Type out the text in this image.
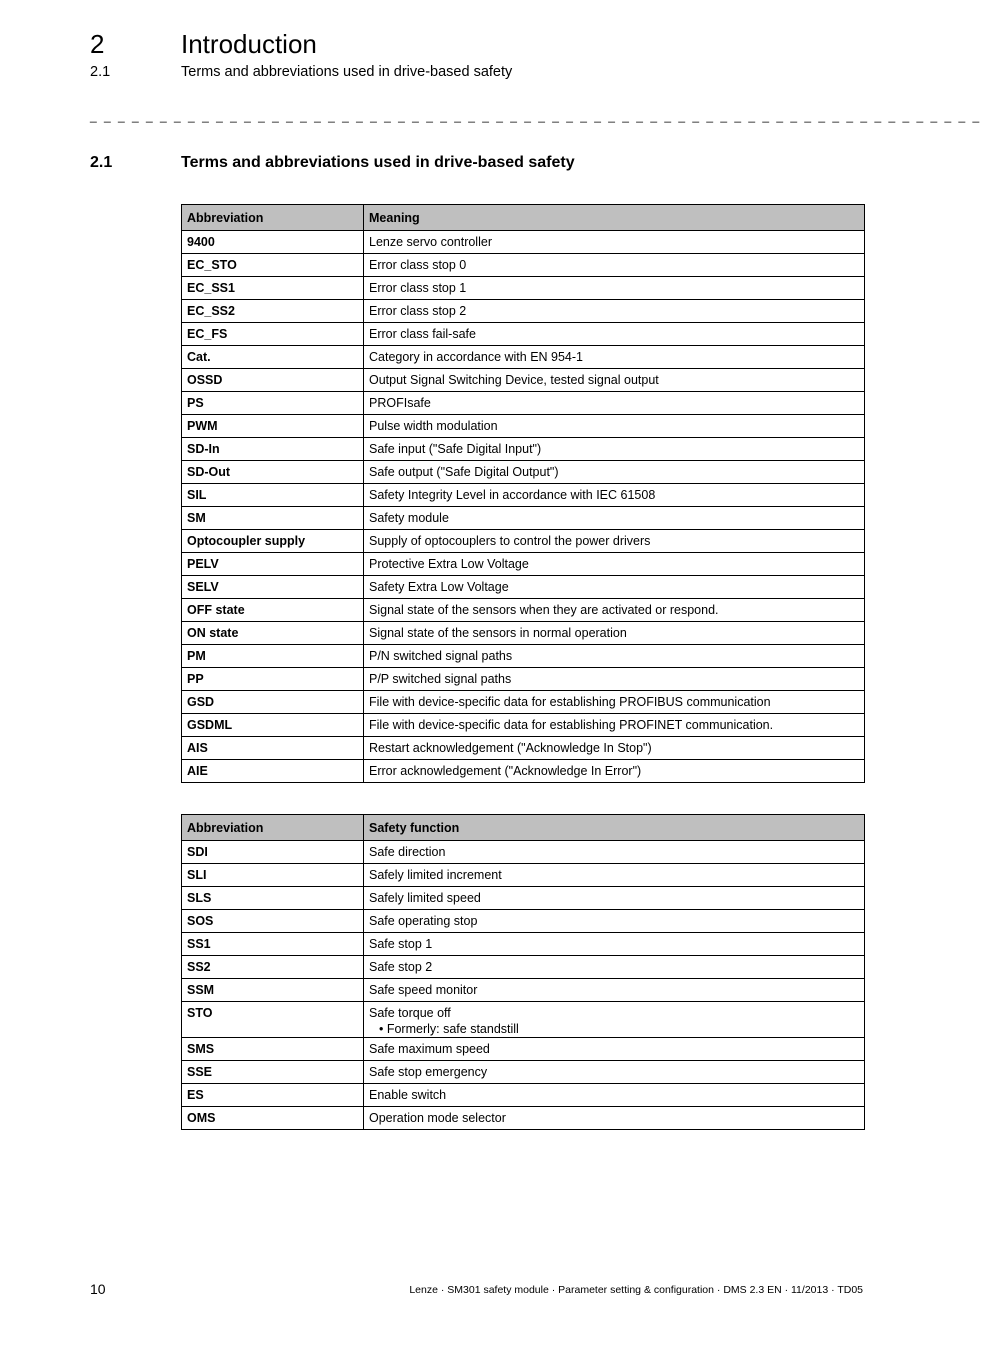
2	Introduction
2.1	Terms and abbreviations used in drive-based safety
_ _ _ _ _ _ _ _ _ _ _ _ _ _ _ _ _ _ _ _ _ _ _ _ _ _ _ _ _ _ _ _ _ _ _ _ _ _ _ _ _ _ _ _ _ _ _ _ _ _ _ _ _ _ _ _ _ _ _ _ _ _ _ _
2.1	Terms and abbreviations used in drive-based safety
Abbreviation	Meaning
9400	Lenze servo controller
EC_STO	Error class stop 0
EC_SS1	Error class stop 1
EC_SS2	Error class stop 2
EC_FS	Error class fail-safe
Cat.	Category in accordance with EN 954-1
OSSD	Output Signal Switching Device, tested signal output
PS	PROFIsafe
PWM	Pulse width modulation
SD-In	Safe input ("Safe Digital Input")
SD-Out	Safe output ("Safe Digital Output")
SIL	Safety Integrity Level in accordance with IEC 61508
SM	Safety module
Optocoupler supply	Supply of optocouplers to control the power drivers
PELV	Protective Extra Low Voltage
SELV	Safety Extra Low Voltage
OFF state	Signal state of the sensors when they are activated or respond.
ON state	Signal state of the sensors in normal operation
PM	P/N switched signal paths
PP	P/P switched signal paths
GSD	File with device-specific data for establishing PROFIBUS communication
GSDML	File with device-specific data for establishing PROFINET communication.
AIS	Restart acknowledgement ("Acknowledge In Stop")
AIE	Error acknowledgement ("Acknowledge In Error")
Abbreviation	Safety function
SDI	Safe direction
SLI	Safely limited increment
SLS	Safely limited speed
SOS	Safe operating stop
SS1	Safe stop 1
SS2	Safe stop 2
SSM	Safe speed monitor
STO	Safe torque off
• Formerly: safe standstill

SMS	Safe maximum speed
SSE	Safe stop emergency
ES	Enable switch
OMS	Operation mode selector
10	Lenze · SM301 safety module · Parameter setting & configuration · DMS 2.3 EN · 11/2013 · TD05
